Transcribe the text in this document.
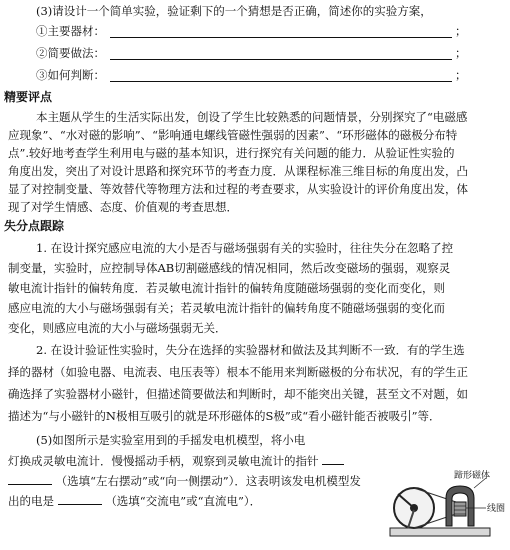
(3)请设计一个简单实验，验证剩下的一个猜想是否正确，简述你的实验方案，
①主要器材：	；
②简要做法：	；
③如何判断：	；
精要评点
本主题从学生的生活实际出发，创设了学生比较熟悉的问题情景，分别探究了“电磁感
应现象”、“水对磁的影响”、“影响通电螺线管磁性强弱的因素”、“环形磁体的磁极分布特
点”.较好地考查学生利用电与磁的基本知识，进行探究有关问题的能力．从验证性实验的
角度出发，突出了对设计思路和探究环节的考查力度．从课程标准三维目标的角度出发，凸
显了对控制变量、等效替代等物理方法和过程的考查要求，从实验设计的评价角度出发，体
现了对学生情感、态度、价值观的考查思想．
失分点跟踪
1. 在设计探究感应电流的大小是否与磁场强弱有关的实验时，往往失分在忽略了控
制变量，实验时，应控制导体AB切割磁感线的情况相同，然后改变磁场的强弱，观察灵
敏电流计指针的偏转角度．若灵敏电流计指针的偏转角度随磁场强弱的变化而变化，则
感应电流的大小与磁场强弱有关；若灵敏电流计指针的偏转角度不随磁场强弱的变化而
变化，则感应电流的大小与磁场强弱无关．
2. 在设计验证性实验时，失分在选择的实验器材和做法及其判断不一致．有的学生选
择的器材（如验电器、电流表、电压表等）根本不能用来判断磁极的分布状况，有的学生正
确选择了实验器材小磁针，但描述简要做法和判断时，却不能突出关键，甚至文不对题，如
描述为“与小磁针的N极相互吸引的就是环形磁体的S极”或“看小磁针能否被吸引”等．
(5)如图所示是实验室用到的手摇发电机模型，将小电
灯换成灵敏电流计．慢慢摇动手柄，观察到灵敏电流计的指针
（选填“左右摆动”或“向一侧摆动”）．这表明该发电机模型发
出的电是	（选填“交流电”或“直流电”）．
蹄形磁体
线圈
